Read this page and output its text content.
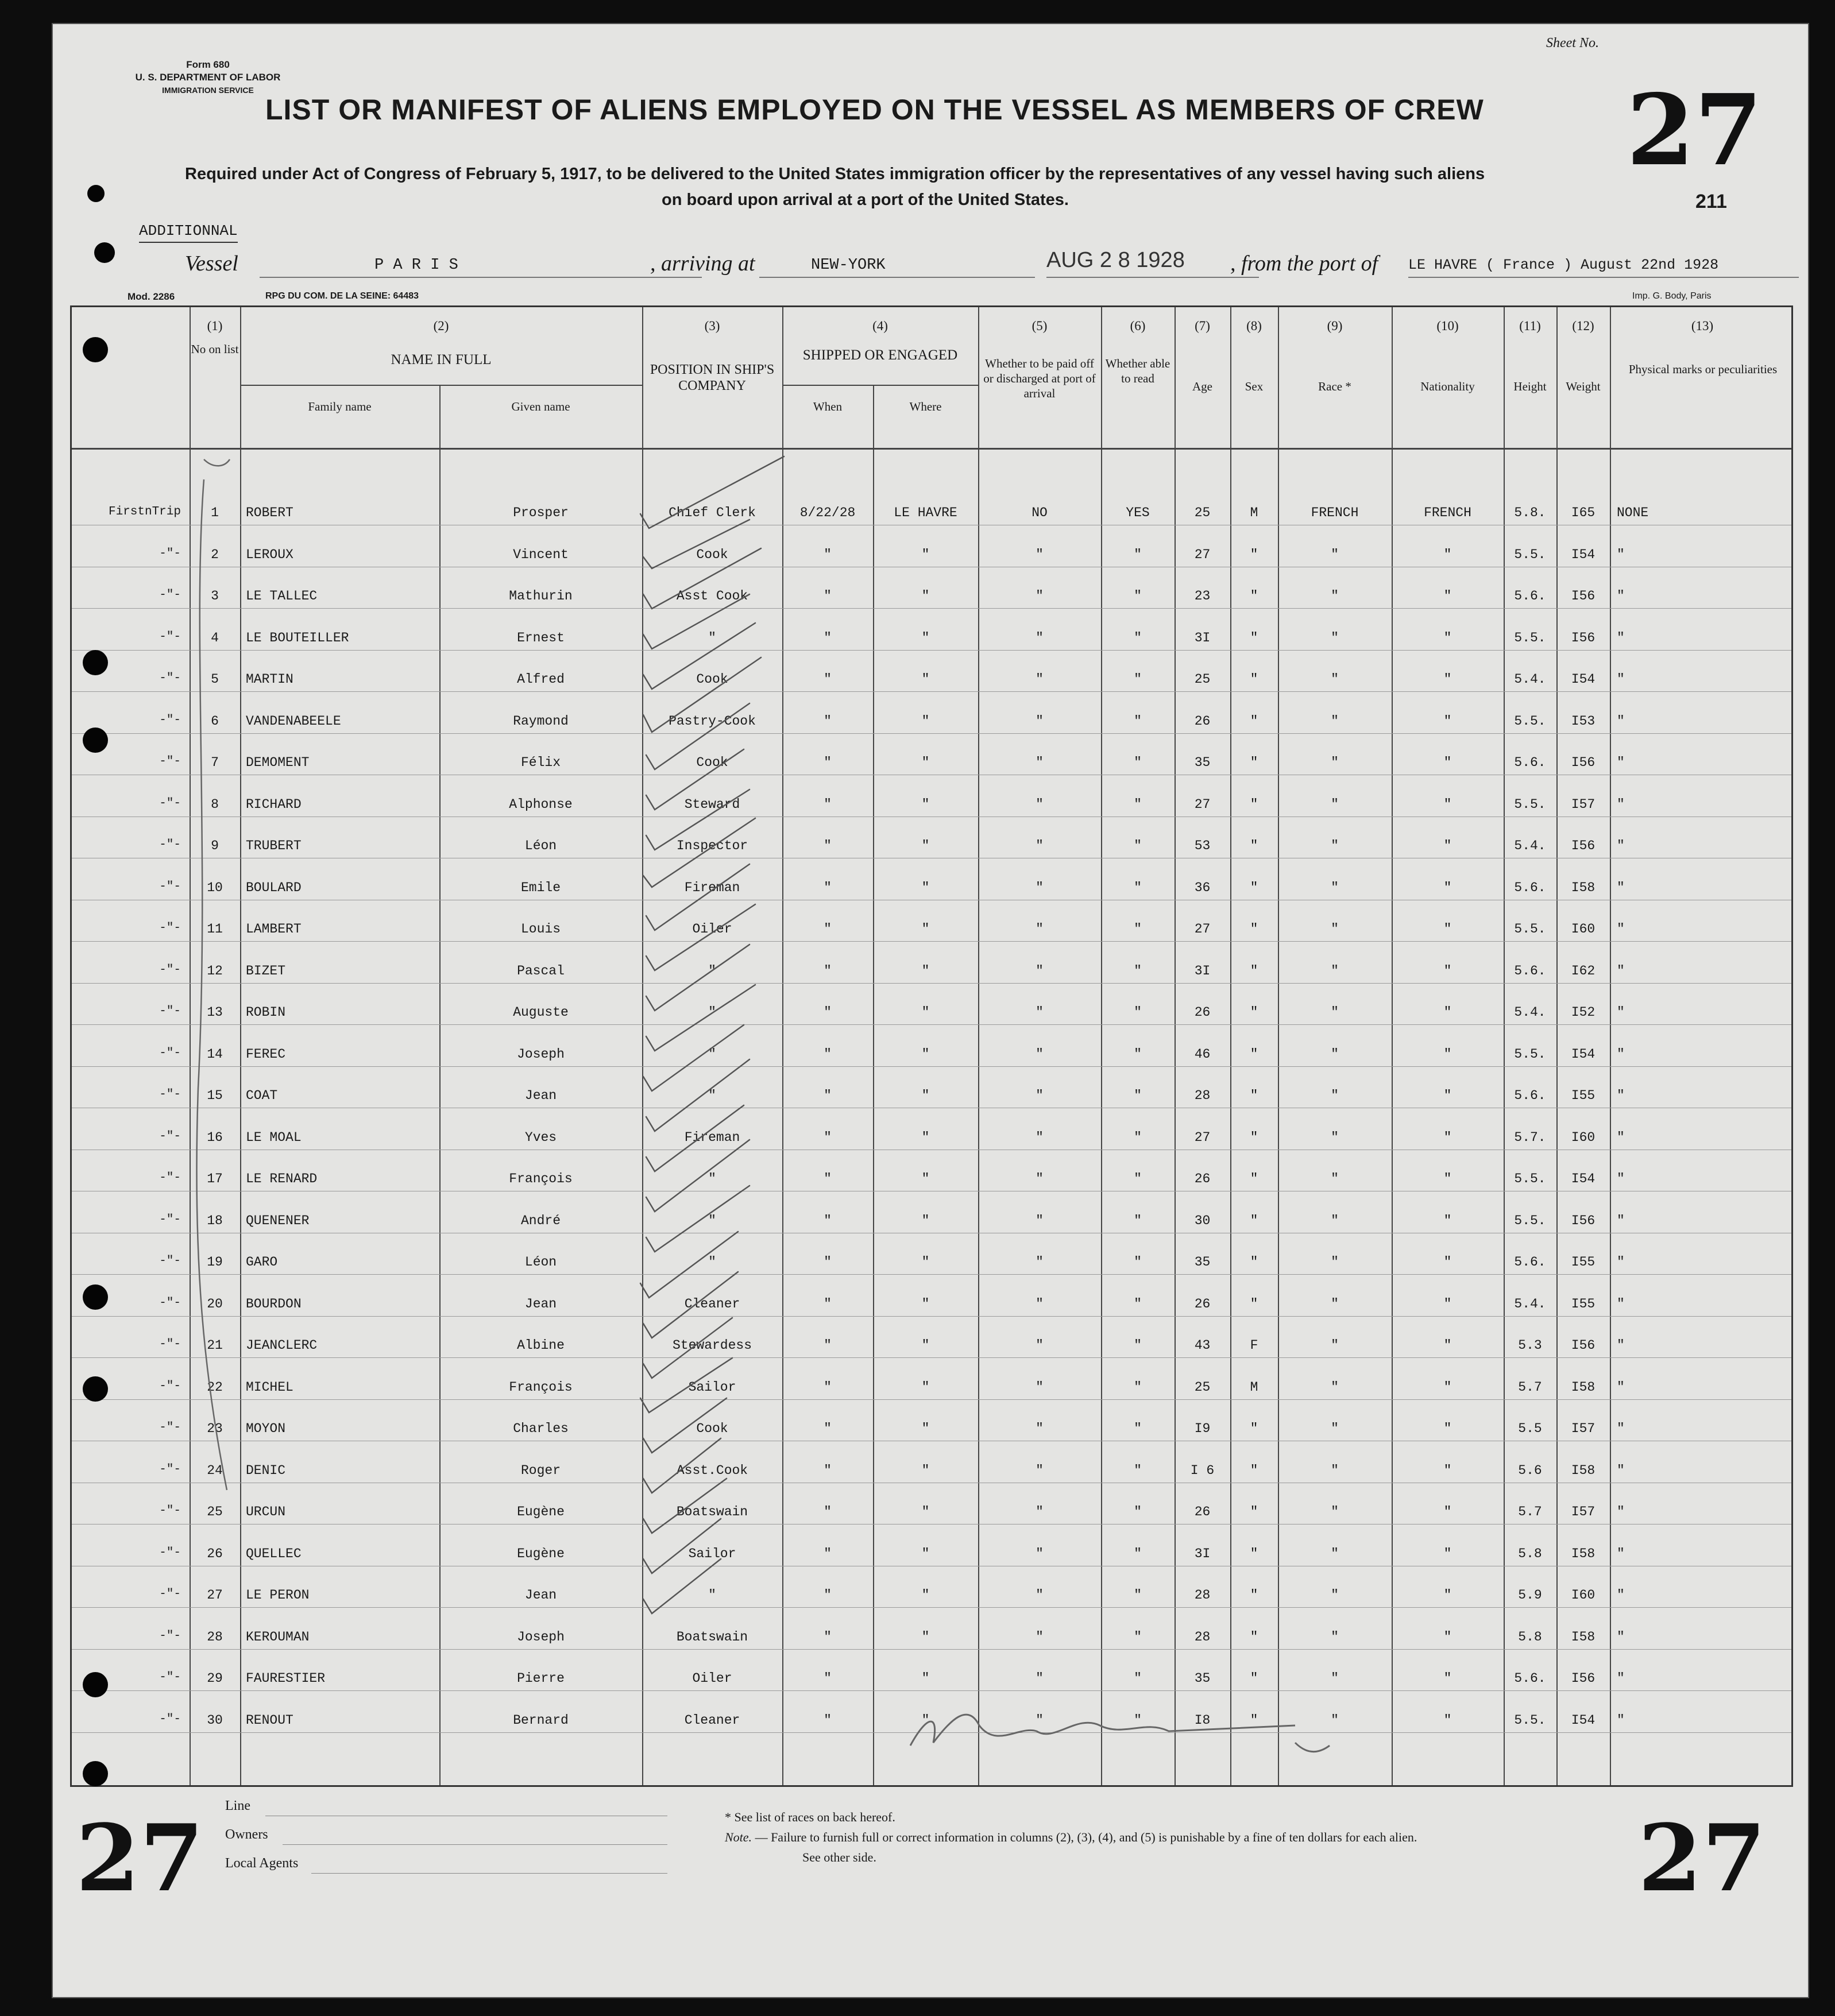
Form 680
U. S. DEPARTMENT OF LABOR
IMMIGRATION SERVICE
Sheet No.
LIST OR MANIFEST OF ALIENS EMPLOYED ON THE VESSEL AS MEMBERS OF CREW 27
Required under Act of Congress of February 5, 1917, to be delivered to the United States immigration officer by the representatives of any vessel having such aliens
on board upon arrival at a port of the United States.	211
ADDITIONNAL
Vessel	P A R I S	, arriving at	NEW-YORK	AUG 2 8 1928 , from the port of LE HAVRE ( France ) August 22nd 1928
Mod. 2286	RPG DU COM. DE LA SEINE: 64483	Imp. G. Body, Paris
(1)	(2)	(3)	(4)	(5)	(6)	(7)	(8)	(9)	(10)	(11)	(12)	(13)
No on list
NAME IN FULL
Family name	Given name
POSITION IN SHIP'S COMPANY
SHIPPED OR ENGAGED
When	Where
Whether to be paid off or discharged at port of arrival
Whether able to read
Age	Sex	Race *	Nationality	Height	Weight
Physical marks or peculiarities
FirstnTrip	1	ROBERT	Prosper	Chief Clerk	8/22/28	LE HAVRE	NO	YES	25	M	FRENCH	FRENCH	5.8.	I65	NONE
-"-	2	LEROUX	Vincent	Cook	"	"	"	"	27	"	"	"	5.5.	I54	"
-"-	3	LE TALLEC	Mathurin	Asst Cook	"	"	"	"	23	"	"	"	5.6.	I56	"
-"-	4	LE BOUTEILLER	Ernest	"	"	"	"	"	3I	"	"	"	5.5.	I56	"
-"-	5	MARTIN	Alfred	Cook	"	"	"	"	25	"	"	"	5.4.	I54	"
-"-	6	VANDENABEELE	Raymond	Pastry-Cook	"	"	"	"	26	"	"	"	5.5.	I53	"
-"-	7	DEMOMENT	Félix	Cook	"	"	"	"	35	"	"	"	5.6.	I56	"
-"-	8	RICHARD	Alphonse	Steward	"	"	"	"	27	"	"	"	5.5.	I57	"
-"-	9	TRUBERT	Léon	Inspector	"	"	"	"	53	"	"	"	5.4.	I56	"
-"-	10	BOULARD	Emile	Fireman	"	"	"	"	36	"	"	"	5.6.	I58	"
-"-	11	LAMBERT	Louis	Oiler	"	"	"	"	27	"	"	"	5.5.	I60	"
-"-	12	BIZET	Pascal	"	"	"	"	"	3I	"	"	"	5.6.	I62	"
-"-	13	ROBIN	Auguste	"	"	"	"	"	26	"	"	"	5.4.	I52	"
-"-	14	FEREC	Joseph	"	"	"	"	"	46	"	"	"	5.5.	I54	"
-"-	15	COAT	Jean	"	"	"	"	"	28	"	"	"	5.6.	I55	"
-"-	16	LE MOAL	Yves	Fireman	"	"	"	"	27	"	"	"	5.7.	I60	"
-"-	17	LE RENARD	François	"	"	"	"	"	26	"	"	"	5.5.	I54	"
-"-	18	QUENENER	André	"	"	"	"	"	30	"	"	"	5.5.	I56	"
-"-	19	GARO	Léon	"	"	"	"	"	35	"	"	"	5.6.	I55	"
-"-	20	BOURDON	Jean	Cleaner	"	"	"	"	26	"	"	"	5.4.	I55	"
-"-	21	JEANCLERC	Albine	Stewardess	"	"	"	"	43	F	"	"	5.3	I56	"
-"-	22	MICHEL	François	Sailor	"	"	"	"	25	M	"	"	5.7	I58	"
-"-	23	MOYON	Charles	Cook	"	"	"	"	I9	"	"	"	5.5	I57	"
-"-	24	DENIC	Roger	Asst.Cook	"	"	"	"	I 6	"	"	"	5.6	I58	"
-"-	25	URCUN	Eugène	Boatswain	"	"	"	"	26	"	"	"	5.7	I57	"
-"-	26	QUELLEC	Eugène	Sailor	"	"	"	"	3I	"	"	"	5.8	I58	"
-"-	27	LE PERON	Jean	"	"	"	"	"	28	"	"	"	5.9	I60	"
-"-	28	KEROUMAN	Joseph	Boatswain	"	"	"	"	28	"	"	"	5.8	I58	"
-"-	29	FAURESTIER	Pierre	Oiler	"	"	"	"	35	"	"	"	5.6.	I56	"
-"-	30	RENOUT	Bernard	Cleaner	"	"	"	"	I8	"	"	"	5.5.	I54	"
27	27
Line
Owners
Local Agents
* See list of races on back hereof.
Note. — Failure to furnish full or correct information in columns (2), (3), (4), and (5) is punishable by a fine of ten dollars for each alien.
See other side.
